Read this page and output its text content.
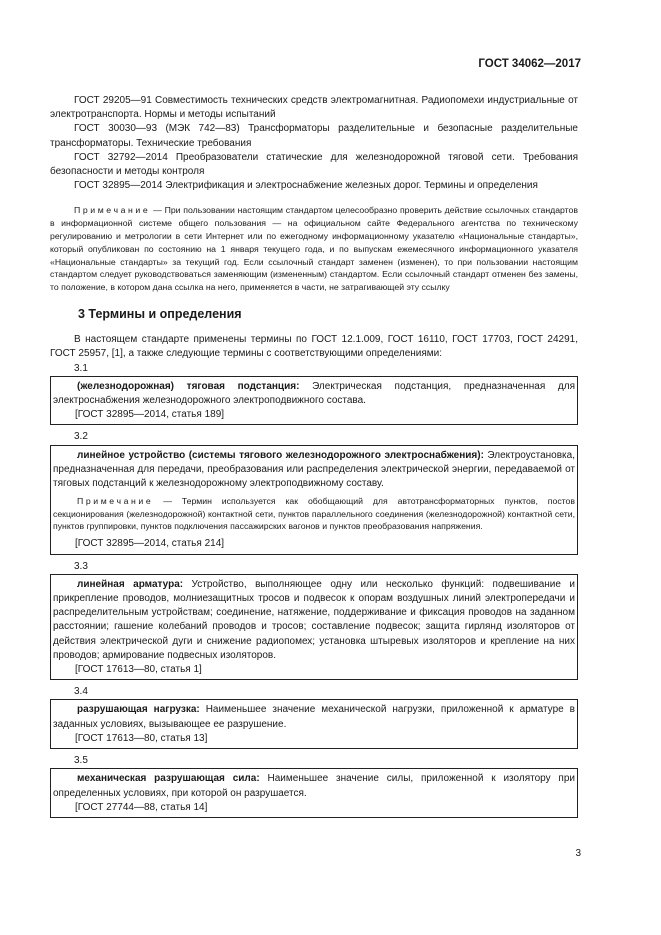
ГОСТ 34062—2017

ГОСТ 29205—91 Совместимость технических средств электромагнитная. Радиопомехи индустриальные от электротранспорта. Нормы и методы испытаний

ГОСТ 30030—93 (МЭК 742—83) Трансформаторы разделительные и безопасные разделительные трансформаторы. Технические требования

ГОСТ 32792—2014 Преобразователи статические для железнодорожной тяговой сети. Требования безопасности и методы контроля

ГОСТ 32895—2014 Электрификация и электроснабжение железных дорог. Термины и определения

Примечание — При пользовании настоящим стандартом целесообразно проверить действие ссылочных стандартов в информационной системе общего пользования — на официальном сайте Федерального агентства по техническому регулированию и метрологии в сети Интернет или по ежегодному информационному указателю «Национальные стандарты», который опубликован по состоянию на 1 января текущего года, и по выпускам ежемесячного информационного указателя «Национальные стандарты» за текущий год. Если ссылочный стандарт заменен (изменен), то при пользовании настоящим стандартом следует руководствоваться заменяющим (измененным) стандартом. Если ссылочный стандарт отменен без замены, то положение, в котором дана ссылка на него, применяется в части, не затрагивающей эту ссылку

3 Термины и определения

В настоящем стандарте применены термины по ГОСТ 12.1.009, ГОСТ 16110, ГОСТ 17703, ГОСТ 24291, ГОСТ 25957, [1], а также следующие термины с соответствующими определениями:

3.1

(железнодорожная) тяговая подстанция: Электрическая подстанция, предназначенная для электроснабжения железнодорожного электроподвижного состава.

[ГОСТ 32895—2014, статья 189]
3.2

линейное устройство (системы тягового железнодорожного электроснабжения): Электроустановка, предназначенная для передачи, преобразования или распределения электрической энергии, передаваемой от тяговых подстанций к железнодорожному электроподвижному составу.

Примечание — Термин используется как обобщающий для автотрансформаторных пунктов, постов секционирования (железнодорожной) контактной сети, пунктов параллельного соединения (железнодорожной) контактной сети, пунктов группировки, пунктов подключения пассажирских вагонов и пунктов преобразования напряжения.

[ГОСТ 32895—2014, статья 214]
3.3

линейная арматура: Устройство, выполняющее одну или несколько функций: подвешивание и прикрепление проводов, молниезащитных тросов и подвесок к опорам воздушных линий электропередачи и распределительным устройствам; соединение, натяжение, поддерживание и фиксация проводов на заданном расстоянии; гашение колебаний проводов и тросов; составление подвесок; защита гирлянд изоляторов от действия электрической дуги и снижение радиопомех; установка штыревых изоляторов и крепление на них проводов; армирование подвесных изоляторов.

[ГОСТ 17613—80, статья 1]
3.4

разрушающая нагрузка: Наименьшее значение механической нагрузки, приложенной к арматуре в заданных условиях, вызывающее ее разрушение.

[ГОСТ 17613—80, статья 13]
3.5

механическая разрушающая сила: Наименьшее значение силы, приложенной к изолятору при определенных условиях, при которой он разрушается.

[ГОСТ 27744—88, статья 14]
3
